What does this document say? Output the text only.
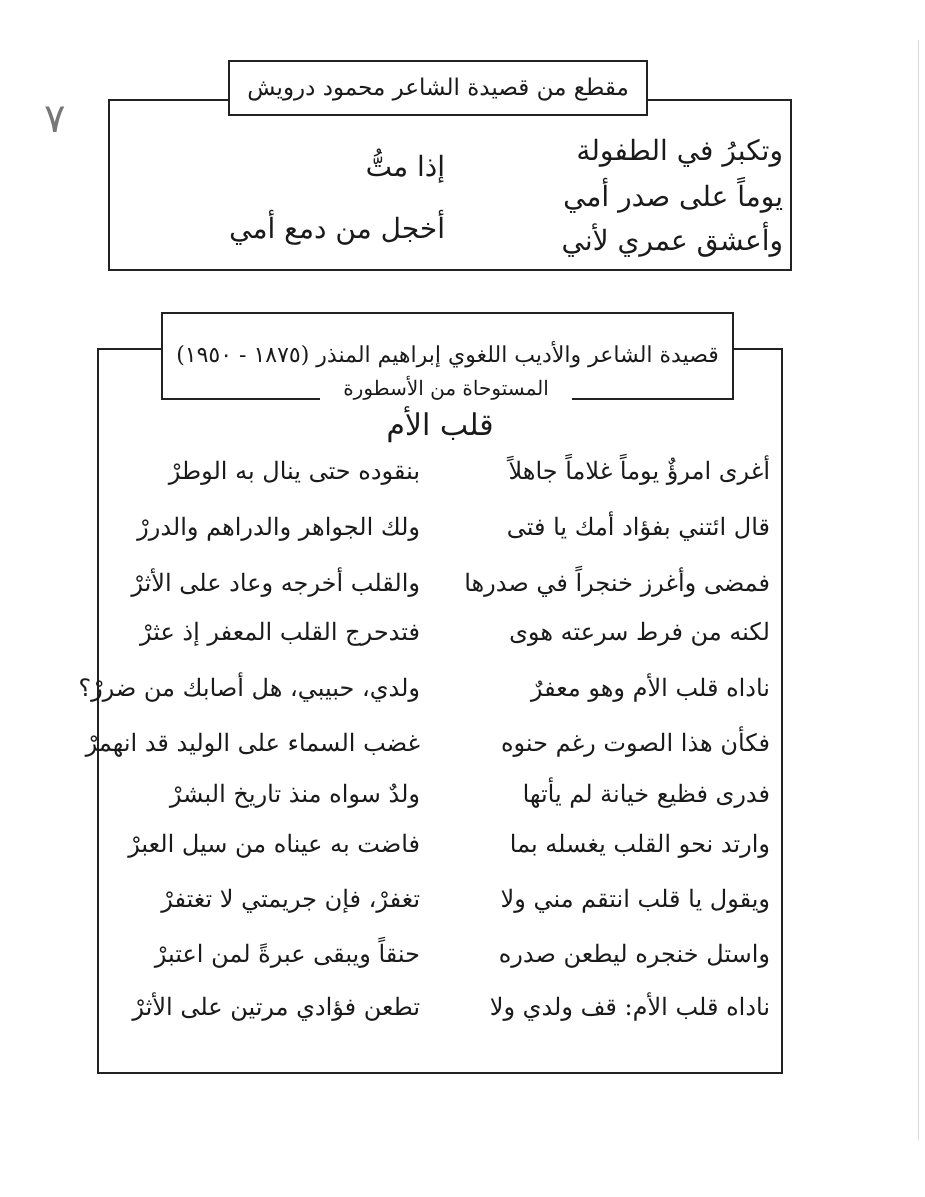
٧
مقطع من قصيدة الشاعر محمود درويش
وتكبرُ في الطفولة
يوماً على صدر أمي
وأعشق عمري لأني
إذا متُّ
أخجل من دمع أمي
قصيدة الشاعر والأديب اللغوي إبراهيم المنذر (١٨٧٥ - ١٩٥٠)
المستوحاة من الأسطورة
قلب الأم
أغرى امرؤٌ يوماً غلاماً جاهلاً
بنقوده حتى ينال به الوطرْ
قال ائتني بفؤاد أمك يا فتى
ولك الجواهر والدراهم والدررْ
فمضى وأغرز خنجراً في صدرها
والقلب أخرجه وعاد على الأثرْ
لكنه من فرط سرعته هوى
فتدحرج القلب المعفر إذ عثرْ
ناداه قلب الأم وهو معفرٌ
ولدي، حبيبي، هل أصابك من ضررْ؟
فكأن هذا الصوت رغم حنوه
غضب السماء على الوليد قد انهمرْ
فدرى فظيع خيانة لم يأتها
ولدٌ سواه منذ تاريخ البشرْ
وارتد نحو القلب يغسله بما
فاضت به عيناه من سيل العبرْ
ويقول يا قلب انتقم مني ولا
تغفرْ، فإن جريمتي لا تغتفرْ
واستل خنجره ليطعن صدره
حنقاً ويبقى عبرةً لمن اعتبرْ
ناداه قلب الأم: قف ولدي ولا
تطعن فؤادي مرتين على الأثرْ
